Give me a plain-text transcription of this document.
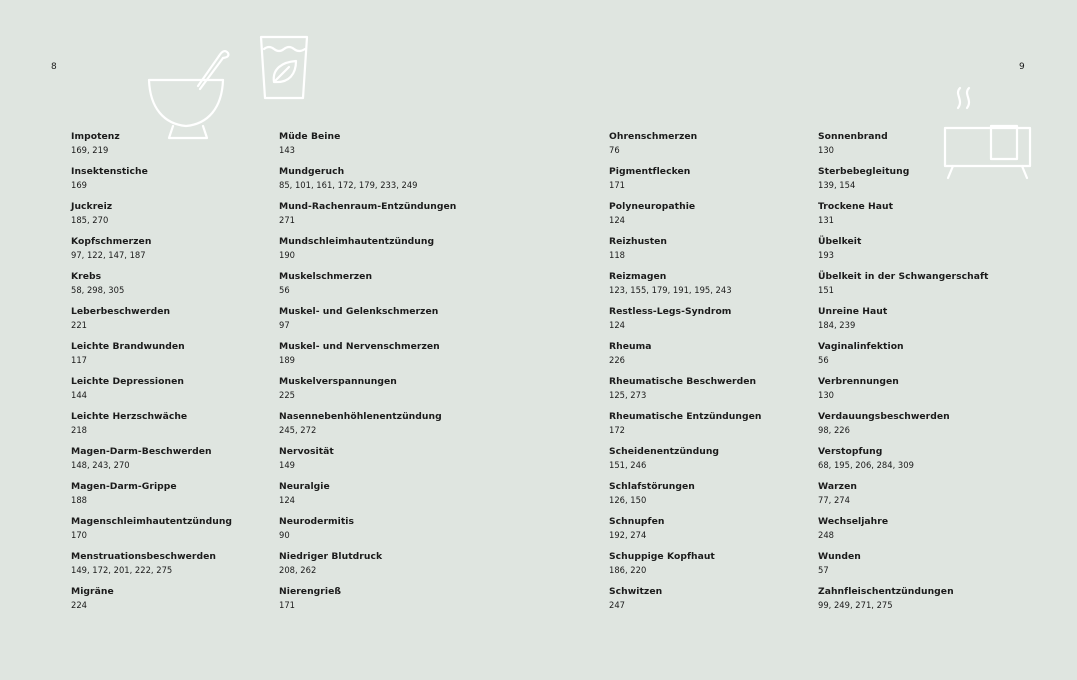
8	9
Impotenz
169, 219
Insektenstiche
169
Juckreiz
185, 270
Kopfschmerzen
97, 122, 147, 187
Krebs
58, 298, 305
Leberbeschwerden
221
Leichte Brandwunden
117
Leichte Depressionen
144
Leichte Herzschwäche
218
Magen-Darm-Beschwerden
148, 243, 270
Magen-Darm-Grippe
188
Magenschleimhautentzündung
170
Menstruationsbeschwerden
149, 172, 201, 222, 275
Migräne
224
Müde Beine
143
Mundgeruch
85, 101, 161, 172, 179, 233, 249
Mund-Rachenraum-Entzündungen
271
Mundschleimhautentzündung
190
Muskelschmerzen
56
Muskel- und Gelenkschmerzen
97
Muskel- und Nervenschmerzen
189
Muskelverspannungen
225
Nasennebenhöhlenentzündung
245, 272
Nervosität
149
Neuralgie
124
Neurodermitis
90
Niedriger Blutdruck
208, 262
Nierengrieß
171
Ohrenschmerzen
76
Pigmentflecken
171
Polyneuropathie
124
Reizhusten
118
Reizmagen
123, 155, 179, 191, 195, 243
Restless-Legs-Syndrom
124
Rheuma
226
Rheumatische Beschwerden
125, 273
Rheumatische Entzündungen
172
Scheidenentzündung
151, 246
Schlafstörungen
126, 150
Schnupfen
192, 274
Schuppige Kopfhaut
186, 220
Schwitzen
247
Sonnenbrand
130
Sterbebegleitung
139, 154
Trockene Haut
131
Übelkeit
193
Übelkeit in der Schwangerschaft
151
Unreine Haut
184, 239
Vaginalinfektion
56
Verbrennungen
130
Verdauungsbeschwerden
98, 226
Verstopfung
68, 195, 206, 284, 309
Warzen
77, 274
Wechseljahre
248
Wunden
57
Zahnfleischentzündungen
99, 249, 271, 275
